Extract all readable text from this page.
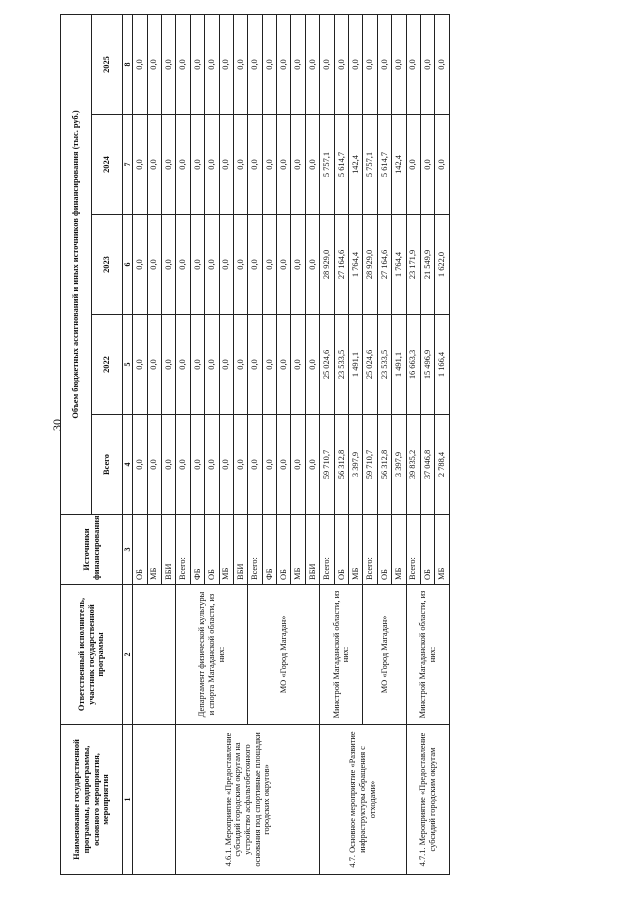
30
Наименование государственной программы, подпрограммы, основного мероприятия, мероприятия	Ответственный исполнитель, участник государственной программы	Источники финансирования	Объем бюджетных ассигнований и иных источников финансирования (тыс. руб.)				
			Всего	2022	2023	2024	2025
1	2	3	4	5	6	7	8
		ОБ	0,0	0,0	0,0	0,0	0,0
		МБ	0,0	0,0	0,0	0,0	0,0
		ВБИ	0,0	0,0	0,0	0,0	0,0
4.6.1. Мероприятие «Предоставление субсидий городским округам на устройство асфальтобетонного основания под спортивные площадки городских округов»	Департамент физической культуры и спорта Магаданской области, из них:	Всего:	0,0	0,0	0,0	0,0	0,0
		ФБ	0,0	0,0	0,0	0,0	0,0
		ОБ	0,0	0,0	0,0	0,0	0,0
		МБ	0,0	0,0	0,0	0,0	0,0
		ВБИ	0,0	0,0	0,0	0,0	0,0
	МО «Город Магадан»	Всего:	0,0	0,0	0,0	0,0	0,0
		ФБ	0,0	0,0	0,0	0,0	0,0
		ОБ	0,0	0,0	0,0	0,0	0,0
		МБ	0,0	0,0	0,0	0,0	0,0
		ВБИ	0,0	0,0	0,0	0,0	0,0
4.7. Основное мероприятие «Развитие инфраструктуры обращения с отходами»	Минстрой Магаданской области, из них:	Всего:	59 710,7	25 024,6	28 929,0	5 757,1	0,0
		ОБ	56 312,8	23 533,5	27 164,6	5 614,7	0,0
		МБ	3 397,9	1 491,1	1 764,4	142,4	0,0
	МО «Город Магадан»	Всего:	59 710,7	25 024,6	28 929,0	5 757,1	0,0
		ОБ	56 312,8	23 533,5	27 164,6	5 614,7	0,0
		МБ	3 397,9	1 491,1	1 764,4	142,4	0,0
4.7.1. Мероприятие «Предоставление субсидий городским округам	Минстрой Магаданской области, из них:	Всего:	39 835,2	16 663,3	23 171,9	0,0	0,0
		ОБ	37 046,8	15 496,9	21 549,9	0,0	0,0
		МБ	2 788,4	1 166,4	1 622,0	0,0	0,0
